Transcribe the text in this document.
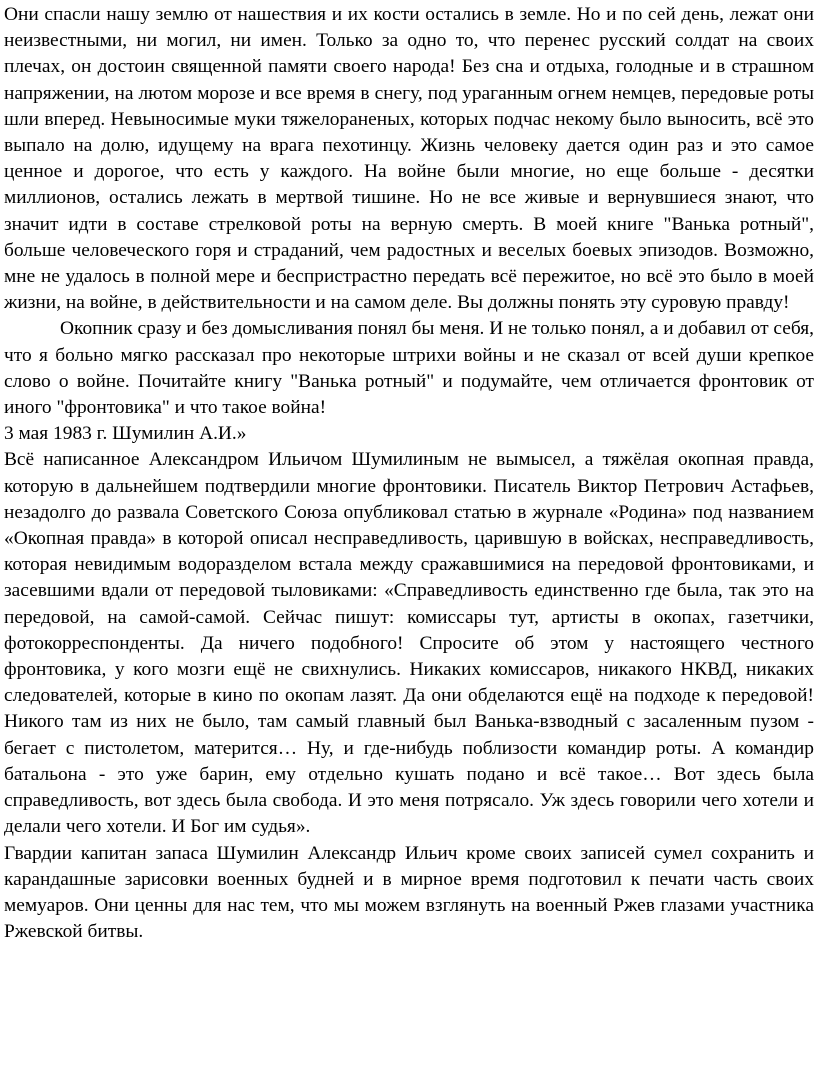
Они спасли нашу землю от нашествия и их кости остались в земле. Но и по сей день, лежат они неизвестными, ни могил, ни имен. Только за одно то, что перенес русский солдат на своих плечах, он достоин священной памяти своего народа! Без сна и отдыха, голодные и в страшном напряжении, на лютом морозе и все время в снегу, под ураганным огнем немцев, передовые роты шли вперед. Невыносимые муки тяжелораненых, которых подчас некому было выносить, всё это выпало на долю, идущему на врага пехотинцу. Жизнь человеку дается один раз и это самое ценное и дорогое, что есть у каждого. На войне были многие, но еще больше - десятки миллионов, остались лежать в мертвой тишине. Но не все живые и вернувшиеся знают, что значит идти в составе стрелковой роты на верную смерть. В моей книге "Ванька ротный", больше человеческого горя и страданий, чем радостных и веселых боевых эпизодов. Возможно, мне не удалось в полной мере и беспристрастно передать всё пережитое, но всё это было в моей жизни, на войне, в действительности и на самом деле. Вы должны понять эту суровую правду!

Окопник сразу и без домысливания понял бы меня. И не только понял, а и добавил от себя, что я больно мягко рассказал про некоторые штрихи войны и не сказал от всей души крепкое слово о войне. Почитайте книгу "Ванька ротный" и подумайте, чем отличается фронтовик от иного "фронтовика" и что такое война!

3 мая 1983 г. Шумилин А.И.»

Всё написанное Александром Ильичом Шумилиным не вымысел, а тяжёлая окопная правда, которую в дальнейшем подтвердили многие фронтовики. Писатель Виктор Петрович Астафьев, незадолго до развала Советского Союза опубликовал статью в журнале «Родина» под названием «Окопная правда» в которой описал несправедливость, царившую в войсках, несправедливость, которая невидимым водоразделом встала между сражавшимися на передовой фронтовиками, и засевшими вдали от передовой тыловиками: «Справедливость единственно где была, так это на передовой, на самой-самой. Сейчас пишут: комиссары тут, артисты в окопах, газетчики, фотокорреспонденты. Да ничего подобного! Спросите об этом у настоящего честного фронтовика, у кого мозги ещё не свихнулись. Никаких комиссаров, никакого НКВД, никаких следователей, которые в кино по окопам лазят. Да они обделаются ещё на подходе к передовой! Никого там из них не было, там самый главный был Ванька-взводный с засаленным пузом - бегает с пистолетом, матерится… Ну, и где-нибудь поблизости командир роты. А командир батальона - это уже барин, ему отдельно кушать подано и всё такое… Вот здесь была справедливость, вот здесь была свобода. И это меня потрясало. Уж здесь говорили чего хотели и делали чего хотели. И Бог им судья».

Гвардии капитан запаса Шумилин Александр Ильич кроме своих записей сумел сохранить и карандашные зарисовки военных будней и в мирное время подготовил к печати часть своих мемуаров. Они ценны для нас тем, что мы можем взглянуть на военный Ржев глазами участника Ржевской битвы.
